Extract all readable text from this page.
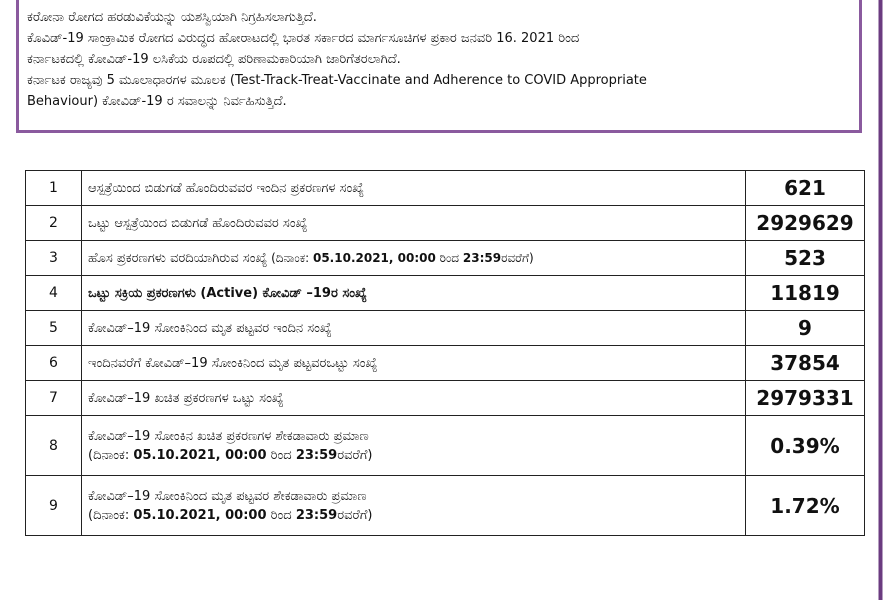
ಕರೋನಾ ರೋಗದ ಹರಡುವಿಕೆಯನ್ನು ಯಶಸ್ವಿಯಾಗಿ ನಿಗ್ರಹಿಸಲಾಗುತ್ತಿದೆ.

ಕೊವಿಡ್-19 ಸಾಂಕ್ರಾಮಿಕ ರೋಗದ ವಿರುದ್ಧದ ಹೋರಾಟದಲ್ಲಿ ಭಾರತ ಸರ್ಕಾರದ ಮಾರ್ಗಸೂಚಿಗಳ ಪ್ರಕಾರ ಜನವರಿ 16. 2021 ರಿಂದ

ಕರ್ನಾಟಕದಲ್ಲಿ ಕೋವಿಡ್-19 ಲಸಿಕೆಯ ರೂಪದಲ್ಲಿ ಪರಿಣಾಮಕಾರಿಯಾಗಿ ಜಾರಿಗೆತರಲಾಗಿದೆ.

ಕರ್ನಾಟಕ ರಾಜ್ಯವು 5 ಮೂಲಾಧಾರಗಳ ಮೂಲಕ (Test-Track-Treat-Vaccinate and Adherence to COVID Appropriate

Behaviour) ಕೋವಿಡ್-19 ರ ಸವಾಲನ್ನು ನಿರ್ವಹಿಸುತ್ತಿದೆ.

1	ಆಸ್ಪತ್ರೆಯಿಂದ ಬಿಡುಗಡೆ ಹೊಂದಿರುವವರ ಇಂದಿನ ಪ್ರಕರಣಗಳ ಸಂಖ್ಯೆ	621
2	ಒಟ್ಟು ಆಸ್ಪತ್ರೆಯಿಂದ ಬಿಡುಗಡೆ ಹೊಂದಿರುವವರ ಸಂಖ್ಯೆ	2929629
3	ಹೊಸ ಪ್ರಕರಣಗಳು ವರದಿಯಾಗಿರುವ ಸಂಖ್ಯೆ (ದಿನಾಂಕ: 05.10.2021, 00:00 ರಿಂದ 23:59ರವರೆಗೆ)	523
4	ಒಟ್ಟು ಸಕ್ರಿಯ ಪ್ರಕರಣಗಳು (Active) ಕೋವಿಡ್ –19ರ ಸಂಖ್ಯೆ	11819
5	ಕೋವಿಡ್–19 ಸೋಂಕಿನಿಂದ ಮೃತ ಪಟ್ಟವರ ಇಂದಿನ ಸಂಖ್ಯೆ	9
6	ಇಂದಿನವರೆಗೆ ಕೋವಿಡ್–19 ಸೋಂಕಿನಿಂದ ಮೃತ ಪಟ್ಟವರಒಟ್ಟು ಸಂಖ್ಯೆ	37854
7	ಕೋವಿಡ್–19 ಖಚಿತ ಪ್ರಕರಣಗಳ ಒಟ್ಟು ಸಂಖ್ಯೆ	2979331
8	ಕೋವಿಡ್–19 ಸೋಂಕಿನ ಖಚಿತ ಪ್ರಕರಣಗಳ ಶೇಕಡಾವಾರು ಪ್ರಮಾಣ
(ದಿನಾಂಕ: 05.10.2021, 00:00 ರಿಂದ 23:59ರವರೆಗೆ)	0.39%
9	ಕೋವಿಡ್–19 ಸೋಂಕಿನಿಂದ ಮೃತ ಪಟ್ಟವರ ಶೇಕಡಾವಾರು ಪ್ರಮಾಣ
(ದಿನಾಂಕ: 05.10.2021, 00:00 ರಿಂದ 23:59ರವರೆಗೆ)	1.72%
